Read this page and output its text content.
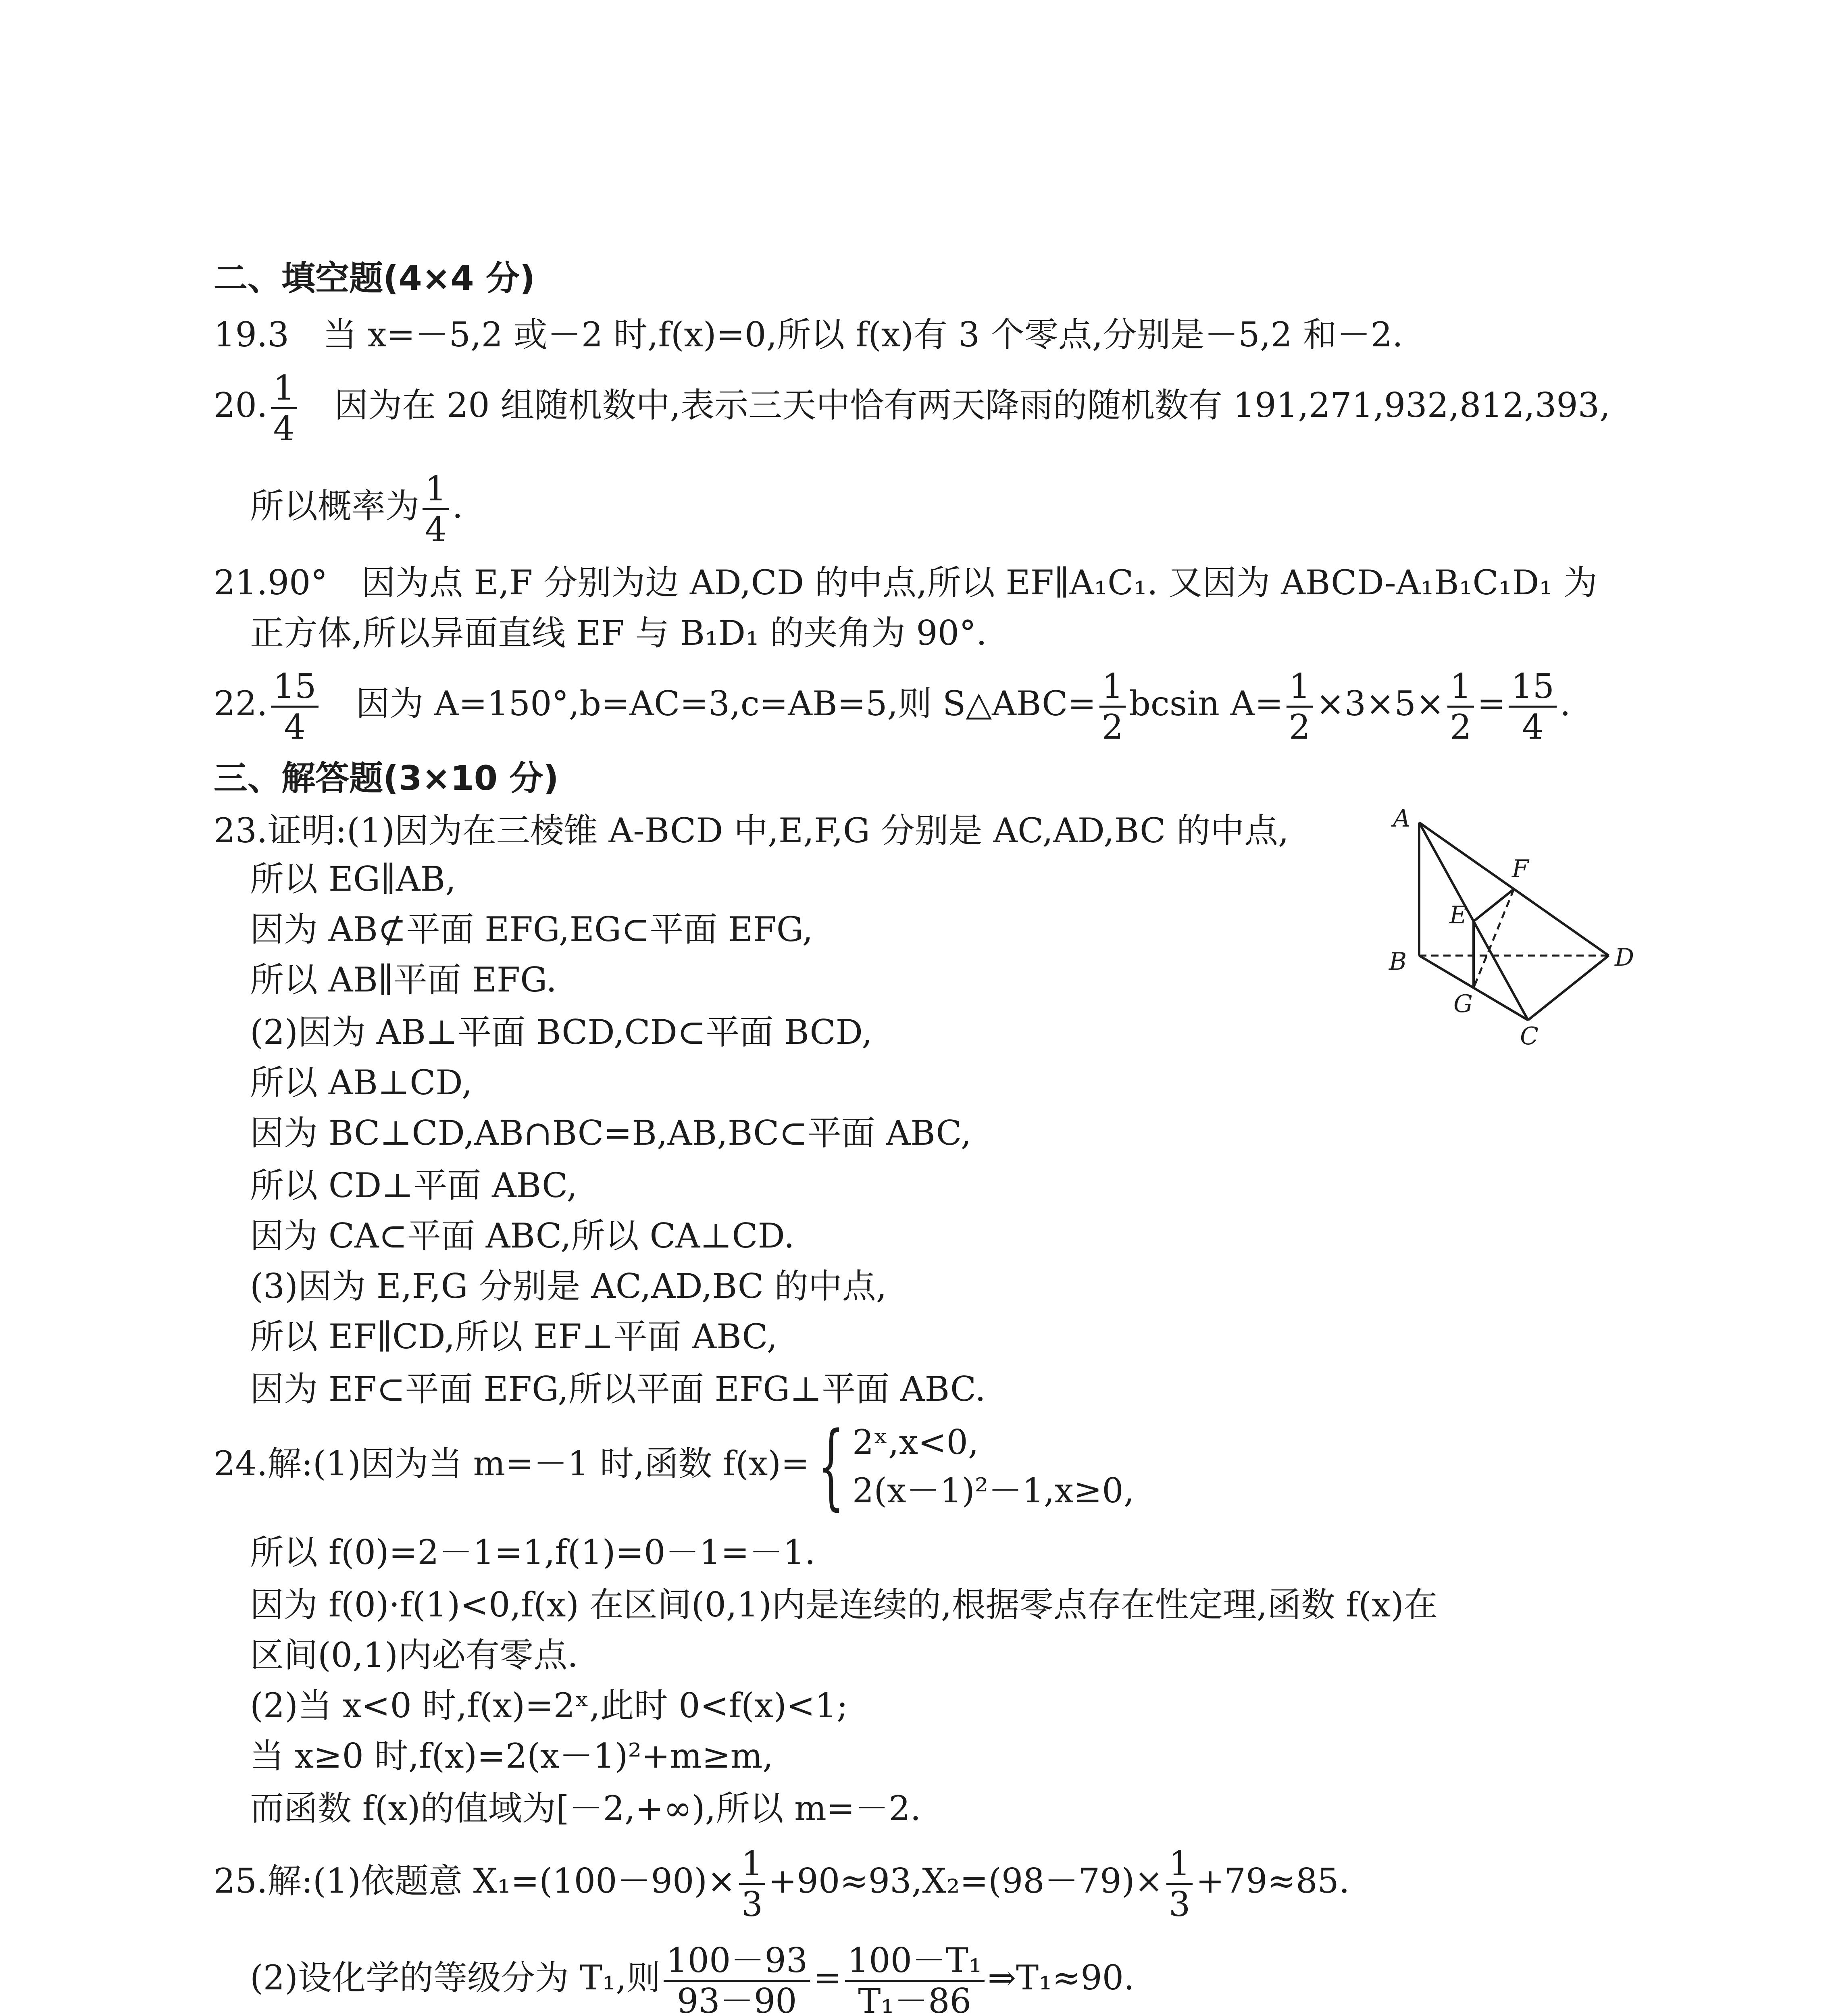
二、填空题(4×4 分)
19.3　当 x=－5,2 或－2 时,f(x)=0,所以 f(x)有 3 个零点,分别是－5,2 和－2.
20. $\frac{1}{4}$ 　因为在 20 组随机数中,表示三天中恰有两天降雨的随机数有 191,271,932,812,393,
所以概率为 $\frac{1}{4}$ .
21.90°　因为点 E,F 分别为边 AD,CD 的中点,所以 EF∥A₁C₁. 又因为 ABCD-A₁B₁C₁D₁ 为
正方体,所以异面直线 EF 与 B₁D₁ 的夹角为 90°.
22. $\frac{15}{4}$ 　因为 A=150°,b=AC=3,c=AB=5,则 S△ABC= $\frac{1}{2}$ bcsin $A= \frac{1}{2} \times 3\times 5\times \frac{1}{2} = \frac{15}{4}$ .
三、解答题(3×10 分)
23.证明:(1)因为在三棱锥 A-BCD 中,E,F,G 分别是 AC,AD,BC 的中点,
所以 EG∥AB,
因为 AB⊄平面 EFG,EG⊂平面 EFG,
所以 AB∥平面 EFG.
(2)因为 AB⊥平面 BCD,CD⊂平面 BCD,
所以 AB⊥CD,
因为 BC⊥CD,AB∩BC=B,AB,BC⊂平面 ABC,
所以 CD⊥平面 ABC,
因为 CA⊂平面 ABC,所以 CA⊥CD.
(3)因为 E,F,G 分别是 AC,AD,BC 的中点,
所以 EF∥CD,所以 EF⊥平面 ABC,
因为 EF⊂平面 EFG,所以平面 EFG⊥平面 ABC.
A
B
C
D
E
F
G
24.解:(1)因为当 m=－1 时,函数 f(x)={ 2ˣ,x<0,
2(x－1)²－1,x≥0,
所以 f(0)=2－1=1,f(1)=0－1=－1.
因为 f(0)·f(1)<0,f(x) 在区间(0,1)内是连续的,根据零点存在性定理,函数 f(x)在
区间(0,1)内必有零点.
(2)当 x<0 时,f(x)=2ˣ,此时 0<f(x)<1;
当 x≥0 时,f(x)=2(x－1)²+m≥m,
而函数 f(x)的值域为[－2,+∞),所以 m=－2.
25.解:(1)依题意 $X_1=(100-90)\times \frac{1}{3} +90\approx 93,X_2=(98-79)\times \frac{1}{3} +79\approx 85$.
(2)设化学的等级分为 T₁,则 $\frac{100-93}{93-90} = \frac{\text{100－T₁}}{\text{T₁－86}}$ ⇒T₁≈90.
